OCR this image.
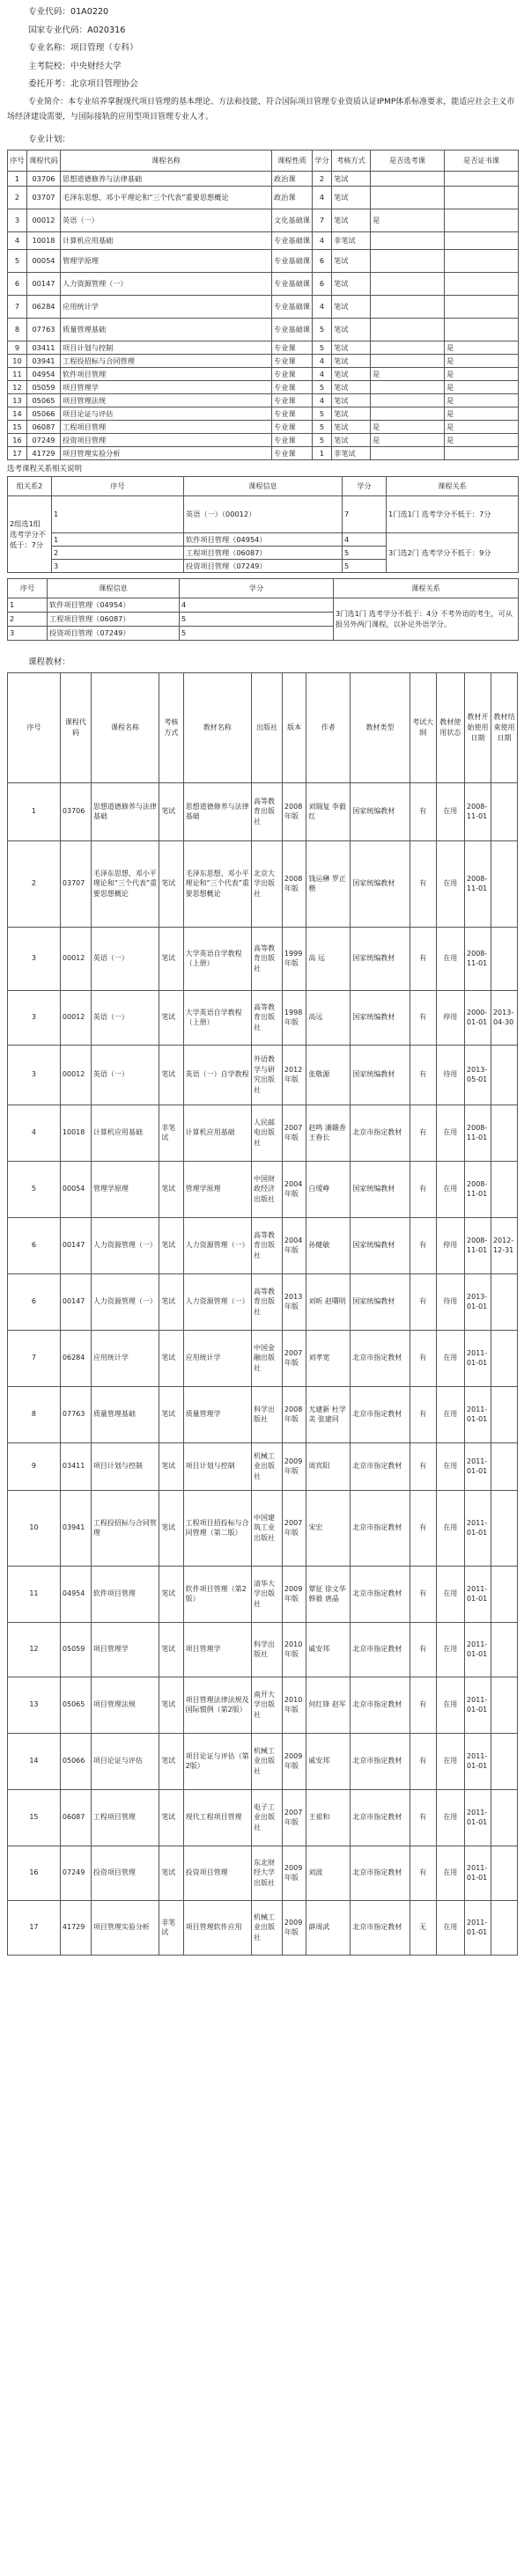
专业代码：01A0220

国家专业代码：A020316

专业名称：项目管理（专科）

主考院校：中央财经大学

委托开考：北京项目管理协会

专业简介：本专业培养掌握现代项目管理的基本理论、方法和技能，符合国际项目管理专业资质认证IPMP体系标准要求，能适应社会主义市场经济建设需要，与国际接轨的应用型项目管理专业人才。

专业计划：
序号	课程代码	课程名称	课程性质	学分	考核方式	是否选考课	是否证书课
1	03706	思想道德修养与法律基础	政治课	2	笔试		
2	03707	毛泽东思想、邓小平理论和“三个代表”重要思想概论	政治课	4	笔试		
3	00012	英语（一）	文化基础课	7	笔试	是	
4	10018	计算机应用基础	专业基础课	4	非笔试		
5	00054	管理学原理	专业基础课	6	笔试		
6	00147	人力资源管理（一）	专业基础课	6	笔试		
7	06284	应用统计学	专业基础课	4	笔试		
8	07763	质量管理基础	专业基础课	5	笔试		
9	03411	项目计划与控制	专业课	5	笔试		是
10	03941	工程投招标与合同管理	专业课	4	笔试		是
11	04954	软件项目管理	专业课	4	笔试	是	是
12	05059	项目管理学	专业课	5	笔试		是
13	05065	项目管理法规	专业课	4	笔试		是
14	05066	项目论证与评估	专业课	5	笔试		是
15	06087	工程项目管理	专业课	5	笔试	是	是
16	07249	投资项目管理	专业课	5	笔试	是	是
17	41729	项目管理实验分析	专业课	1	非笔试		
选考课程关系相关说明
组关系2	序号	课程信息	学分	课程关系
2组选1组 选考学分不低于：7分	1	英语（一）（00012）	7	1门选1门 选考学分不低于：7分
	1	软件项目管理（04954）	4	3门选2门 选考学分不低于：9分
	2	工程项目管理（06087）	5	
	3	投资项目管理（07249）	5	
序号	课程信息	学分	课程关系
1	软件项目管理（04954）	4	3门选1门 选考学分不低于：4分 不考外语的考生，可从报另外两门课程，以补足外语学分。
2	工程项目管理（06087）	5	
3	投资项目管理（07249）	5	
课程教材：
序号	课程代码	课程名称	考核方式	教材名称	出版社	版本	作者	教材类型	考试大纲	教材使用状态	教材开始使用日期	教材结束使用日期
1	03706	思想道德修养与法律基础	笔试	思想道德修养与法律基础	高等教育出版社	2008年版	刘瑞复 李毅红	国家统编教材	有	在用	2008-11-01	
2	03707	毛泽东思想、邓小平理论和“三个代表”重要思想概论	笔试	毛泽东思想、邓小平理论和“三个代表”重要思想概论	北京大学出版社	2008年版	钱运楙 罗正楷	国家统编教材	有	在用	2008-11-01	
3	00012	英语（一）	笔试	大学英语自学教程（上册）	高等教育出版社	1999年版	高 远	国家统编教材	有	在用	2008-11-01	
3	00012	英语（一）	笔试	大学英语自学教程（上册）	高等教育出版社	1998年版	高远	国家统编教材	有	停用	2000-01-01	2013-04-30
3	00012	英语（一）	笔试	英语（一）自学教程	外语教学与研究出版社	2012年版	张敬源	国家统编教材	有	待用	2013-05-01	
4	10018	计算机应用基础	非笔试	计算机应用基础	人民邮电出版社	2007年版	赵鸣 潘赣香 王春长	北京市指定教材	有	在用	2008-11-01	
5	00054	管理学原理	笔试	管理学原理	中国财政经济出版社	2004年版	白瑷峥	国家统编教材	有	在用	2008-11-01	
6	00147	人力资源管理（一）	笔试	人力资源管理（一）	高等教育出版社	2004年版	孙健敏	国家统编教材	有	停用	2008-11-01	2012-12-31
6	00147	人力资源管理（一）	笔试	人力资源管理（一）	高等教育出版社	2013年版	刘昕 赵曙明	国家统编教材	有	待用	2013-01-01	
7	06284	应用统计学	笔试	应用统计学	中国金融出版社	2007年版	刘孝宽	北京市指定教材	有	在用	2011-01-01	
8	07763	质量管理基础	笔试	质量管理学	科学出版社	2008年版	尤建新 杜学美 张建同	北京市指定教材	有	在用	2011-01-01	
9	03411	项目计划与控制	笔试	项目计划与控制	机械工业出版社	2009年版	周宾阳	北京市指定教材	有	在用	2011-01-01	
10	03941	工程投招标与合同管理	笔试	工程项目招投标与合同管理（第二版）	中国建筑工业出版社	2007年版	宋宏	北京市指定教材	有	在用	2011-01-01	
11	04954	软件项目管理	笔试	软件项目管理（第2版）	清华大学出版社	2009年版	覃征 徐文华 韩毅 唐晶	北京市指定教材	有	在用	2011-01-01	
12	05059	项目管理学	笔试	项目管理学	科学出版社	2010年版	戚安邦	北京市指定教材	有	在用	2011-01-01	
13	05065	项目管理法规	笔试	项目管理法律法规及国际惯例（第2版）	南开大学出版社	2010年版	何红锋 赵军	北京市指定教材	有	在用	2011-01-01	
14	05066	项目论证与评估	笔试	项目论证与评估（第2版）	机械工业出版社	2009年版	戚安邦	北京市指定教材	有	在用	2011-01-01	
15	06087	工程项目管理	笔试	现代工程项目管理	电子工业出版社	2007年版	王祖和	北京市指定教材	有	在用	2011-01-01	
16	07249	投资项目管理	笔试	投资项目管理	东北财经大学出版社	2009年版	刘波	北京市指定教材	有	在用	2011-01-01	
17	41729	项目管理实验分析	非笔试	项目管理软件应用	机械工业出版社	2009年版	薛周武	北京市指定教材	无	在用	2011-01-01	
